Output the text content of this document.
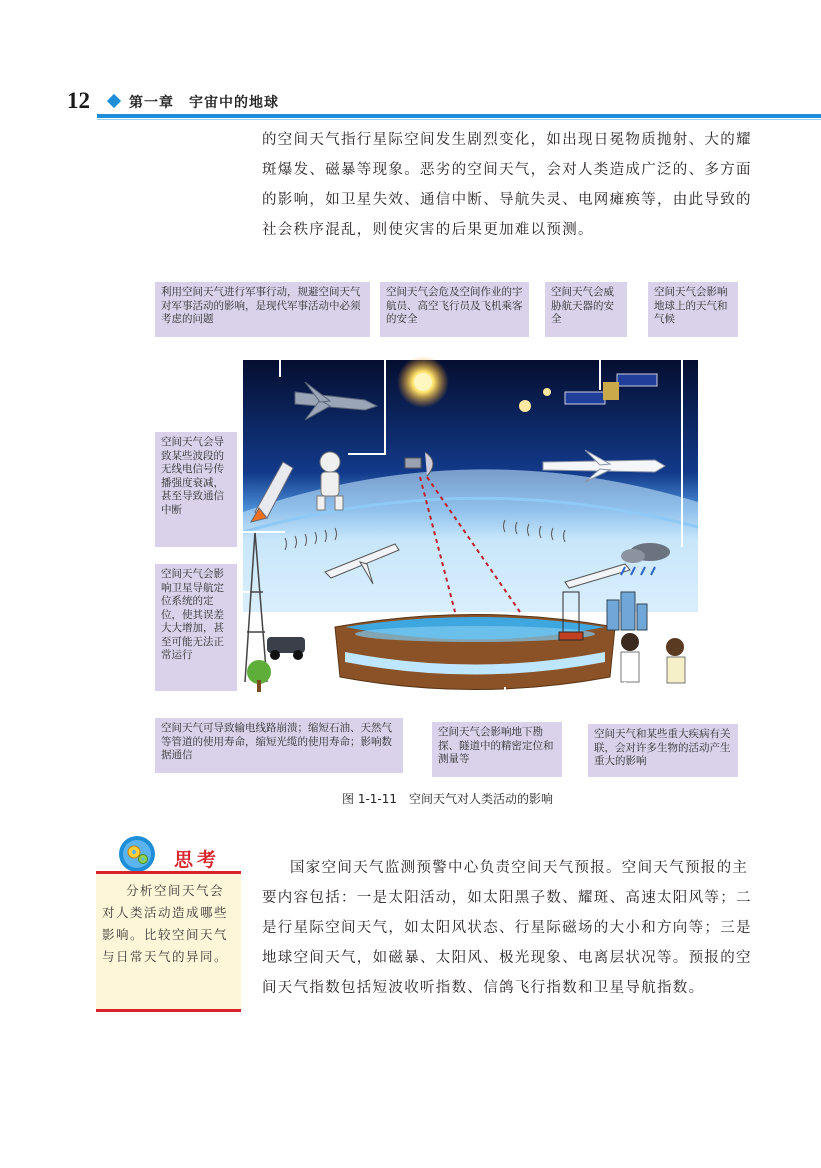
12	第一章　宇宙中的地球
的空间天气指行星际空间发生剧烈变化，如出现日冕物质抛射、大的耀斑爆发、磁暴等现象。恶劣的空间天气，会对人类造成广泛的、多方面的影响，如卫星失效、通信中断、导航失灵、电网瘫痪等，由此导致的社会秩序混乱，则使灾害的后果更加难以预测。
利用空间天气进行军事行动，规避空间天气对军事活动的影响，是现代军事活动中必须考虑的问题
空间天气会危及空间作业的宇航员、高空飞行员及飞机乘客的安全
空间天气会威胁航天器的安全
空间天气会影响地球上的天气和气候
空间天气会导致某些波段的无线电信号传播强度衰减，甚至导致通信中断
空间天气会影响卫星导航定位系统的定位，使其误差大大增加，甚至可能无法正常运行
空间天气可导致输电线路崩溃；缩短石油、天然气等管道的使用寿命，缩短光缆的使用寿命；影响数据通信
空间天气会影响地下勘探、隧道中的精密定位和测量等
空间天气和某些重大疾病有关联，会对许多生物的活动产生重大的影响
图 1-1-11　空间天气对人类活动的影响
思考
分析空间天气会对人类活动造成哪些影响。比较空间天气与日常天气的异同。
国家空间天气监测预警中心负责空间天气预报。空间天气预报的主要内容包括：一是太阳活动，如太阳黑子数、耀斑、高速太阳风等；二是行星际空间天气，如太阳风状态、行星际磁场的大小和方向等；三是地球空间天气，如磁暴、太阳风、极光现象、电离层状况等。预报的空间天气指数包括短波收听指数、信鸽飞行指数和卫星导航指数。
